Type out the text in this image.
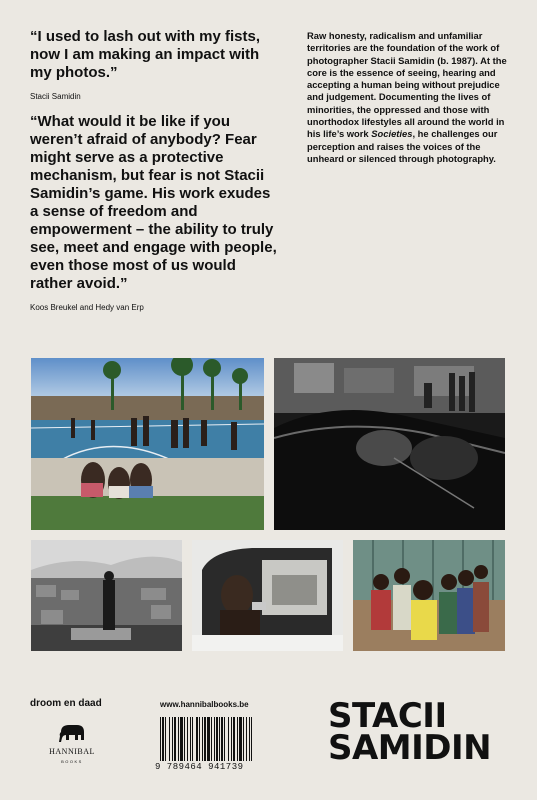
“I used to lash out with my fists, now I am making an impact with my photos.”
Stacii Samidin
“What would it be like if you weren’t afraid of anybody? Fear might serve as a protective mechanism, but fear is not Stacii Samidin’s game. His work exudes a sense of freedom and empowerment – the ability to truly see, meet and engage with people, even those most of us would rather avoid.”
Koos Breukel and Hedy van Erp
Raw honesty, radicalism and unfamiliar territories are the foundation of the work of photographer Stacii Samidin (b. 1987). At the core is the essence of seeing, hearing and accepting a human being without prejudice and judgement. Documenting the lives of minorities, the oppressed and those with unorthodox lifestyles all around the world in his life’s work Societies, he challenges our perception and raises the voices of the unheard or silenced through photography.
droom en daad
HANNIBAL
BOOKS
www.hannibalbooks.be
9 789464 941739
STACII
SAMIDIN
